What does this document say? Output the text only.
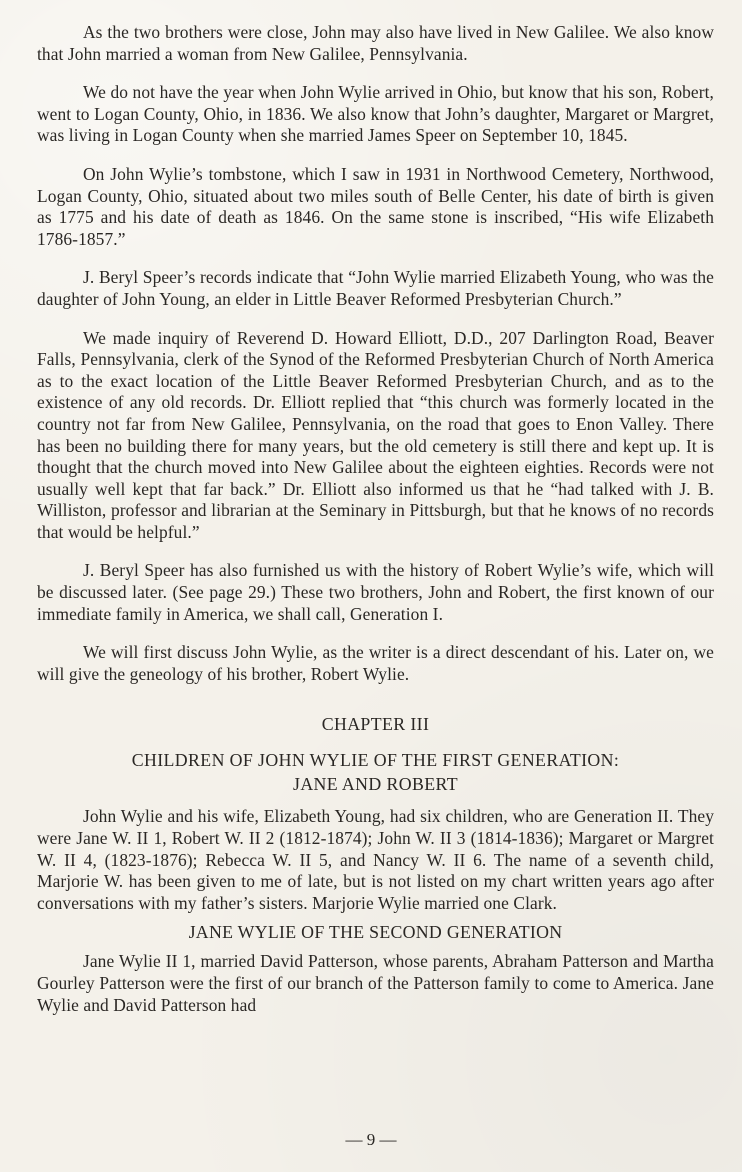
As the two brothers were close, John may also have lived in New Galilee. We also know that John married a woman from New Galilee, Pennsylvania.

We do not have the year when John Wylie arrived in Ohio, but know that his son, Robert, went to Logan County, Ohio, in 1836. We also know that John’s daughter, Margaret or Margret, was living in Logan County when she married James Speer on September 10, 1845.

On John Wylie’s tombstone, which I saw in 1931 in Northwood Cemetery, Northwood, Logan County, Ohio, situated about two miles south of Belle Center, his date of birth is given as 1775 and his date of death as 1846. On the same stone is inscribed, “His wife Elizabeth 1786-1857.”

J. Beryl Speer’s records indicate that “John Wylie married Elizabeth Young, who was the daughter of John Young, an elder in Little Beaver Reformed Presbyterian Church.”

We made inquiry of Reverend D. Howard Elliott, D.D., 207 Darlington Road, Beaver Falls, Pennsylvania, clerk of the Synod of the Reformed Presbyterian Church of North America as to the exact location of the Little Beaver Reformed Presbyterian Church, and as to the existence of any old records. Dr. Elliott replied that “this church was formerly located in the country not far from New Galilee, Pennsylvania, on the road that goes to Enon Valley. There has been no building there for many years, but the old cemetery is still there and kept up. It is thought that the church moved into New Galilee about the eighteen eighties. Records were not usually well kept that far back.” Dr. Elliott also informed us that he “had talked with J. B. Williston, professor and librarian at the Seminary in Pittsburgh, but that he knows of no records that would be helpful.”

J. Beryl Speer has also furnished us with the history of Robert Wylie’s wife, which will be discussed later. (See page 29.) These two brothers, John and Robert, the first known of our immediate family in America, we shall call, Generation I.

We will first discuss John Wylie, as the writer is a direct descendant of his. Later on, we will give the geneology of his brother, Robert Wylie.

CHAPTER III
CHILDREN OF JOHN WYLIE OF THE FIRST GENERATION:
JANE AND ROBERT

John Wylie and his wife, Elizabeth Young, had six children, who are Generation II. They were Jane W. II 1, Robert W. II 2 (1812-1874); John W. II 3 (1814-1836); Margaret or Margret W. II 4, (1823-1876); Rebecca W. II 5, and Nancy W. II 6. The name of a seventh child, Marjorie W. has been given to me of late, but is not listed on my chart written years ago after conversations with my father’s sisters. Marjorie Wylie married one Clark.

JANE WYLIE OF THE SECOND GENERATION

Jane Wylie II 1, married David Patterson, whose parents, Abraham Patterson and Martha Gourley Patterson were the first of our branch of the Patterson family to come to America. Jane Wylie and David Patterson had

— 9 —
